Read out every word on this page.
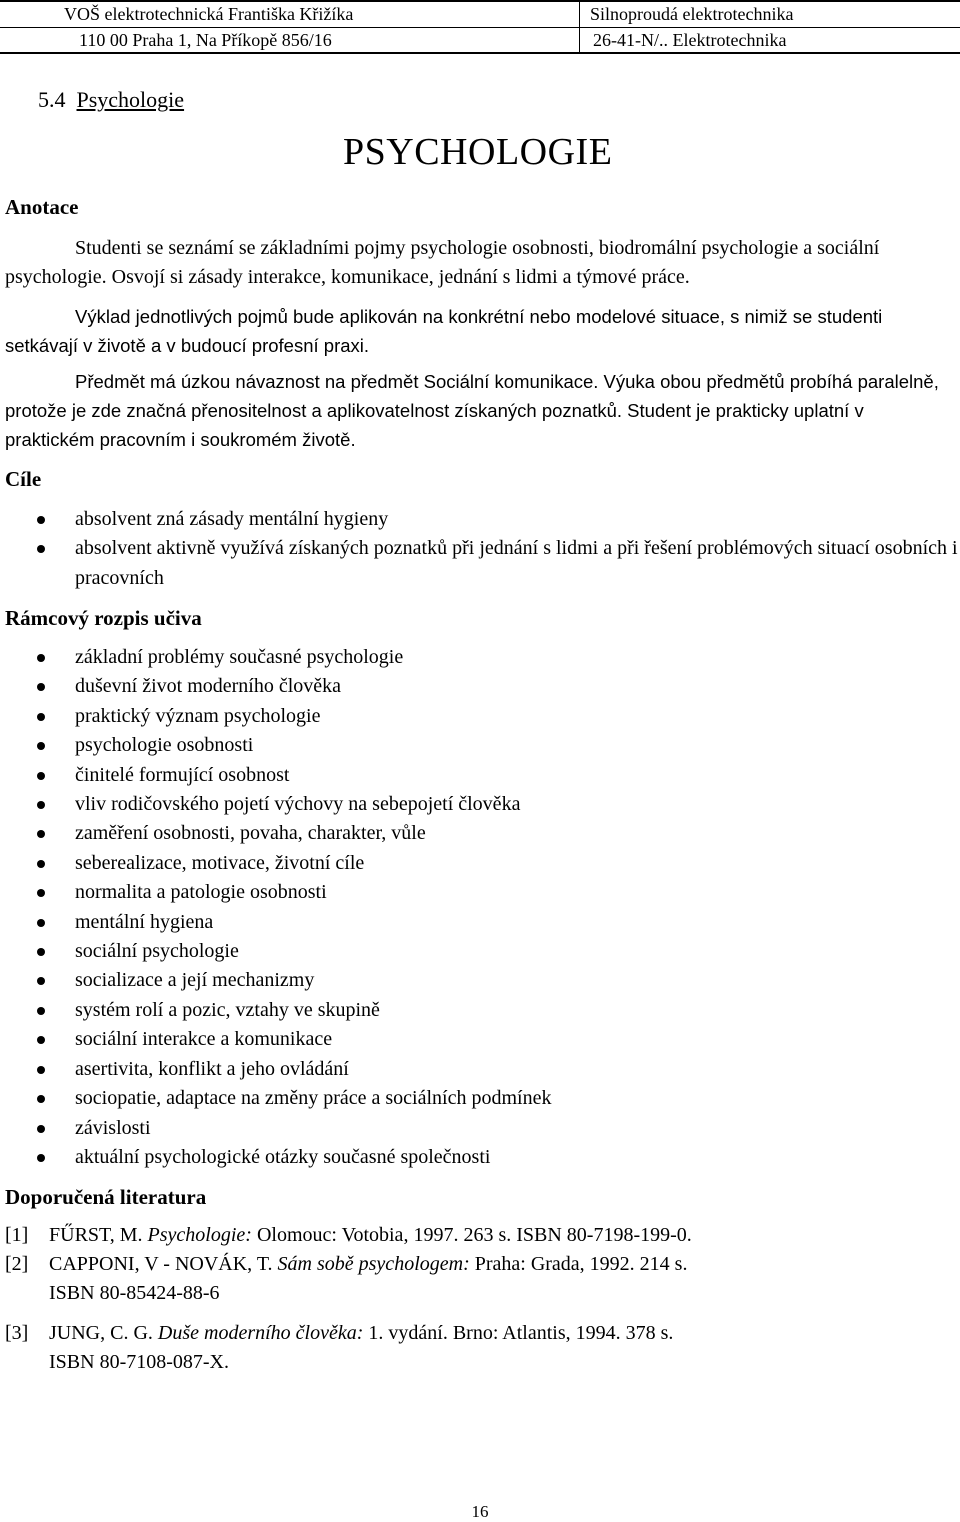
VOŠ elektrotechnická Františka Křižíka
110 00 Praha 1, Na Příkopě 856/16
Silnoproudá elektrotechnika
26-41-N/.. Elektrotechnika
5.4 Psychologie
PSYCHOLOGIE
Anotace
Studenti se seznámí se základními pojmy psychologie osobnosti, biodromální psychologie a sociální psychologie. Osvojí si zásady interakce, komunikace, jednání s lidmi a týmové práce.
Výklad jednotlivých pojmů bude aplikován na konkrétní nebo modelové situace, s nimiž se studenti setkávají v životě a v budoucí profesní praxi.
Předmět má úzkou návaznost na předmět Sociální komunikace. Výuka obou předmětů probíhá paralelně, protože je zde značná přenositelnost a aplikovatelnost získaných poznatků. Student je prakticky uplatní v praktickém pracovním i soukromém životě.
Cíle
absolvent zná zásady mentální hygieny
absolvent aktivně využívá získaných poznatků při jednání s lidmi a při řešení problémových situací osobních i pracovních
Rámcový rozpis učiva
základní problémy současné psychologie
duševní život moderního člověka
praktický význam psychologie
psychologie osobnosti
činitelé formující osobnost
vliv rodičovského pojetí výchovy na sebepojetí člověka
zaměření osobnosti, povaha, charakter, vůle
seberealizace, motivace, životní cíle
normalita a patologie osobnosti
mentální hygiena
sociální psychologie
socializace a její mechanizmy
systém rolí a pozic, vztahy ve skupině
sociální interakce a komunikace
asertivita, konflikt a jeho ovládání
sociopatie, adaptace na změny práce a sociálních podmínek
závislosti
aktuální psychologické otázky současné společnosti
Doporučená literatura
[1] FŰRST, M. Psychologie: Olomouc: Votobia, 1997. 263 s. ISBN 80-7198-199-0.
[2] CAPPONI, V - NOVÁK, T. Sám sobě psychologem: Praha: Grada, 1992. 214 s.
ISBN 80-85424-88-6
[3] JUNG, C. G. Duše moderního člověka: 1. vydání. Brno: Atlantis, 1994. 378 s.
ISBN 80-7108-087-X.
16
